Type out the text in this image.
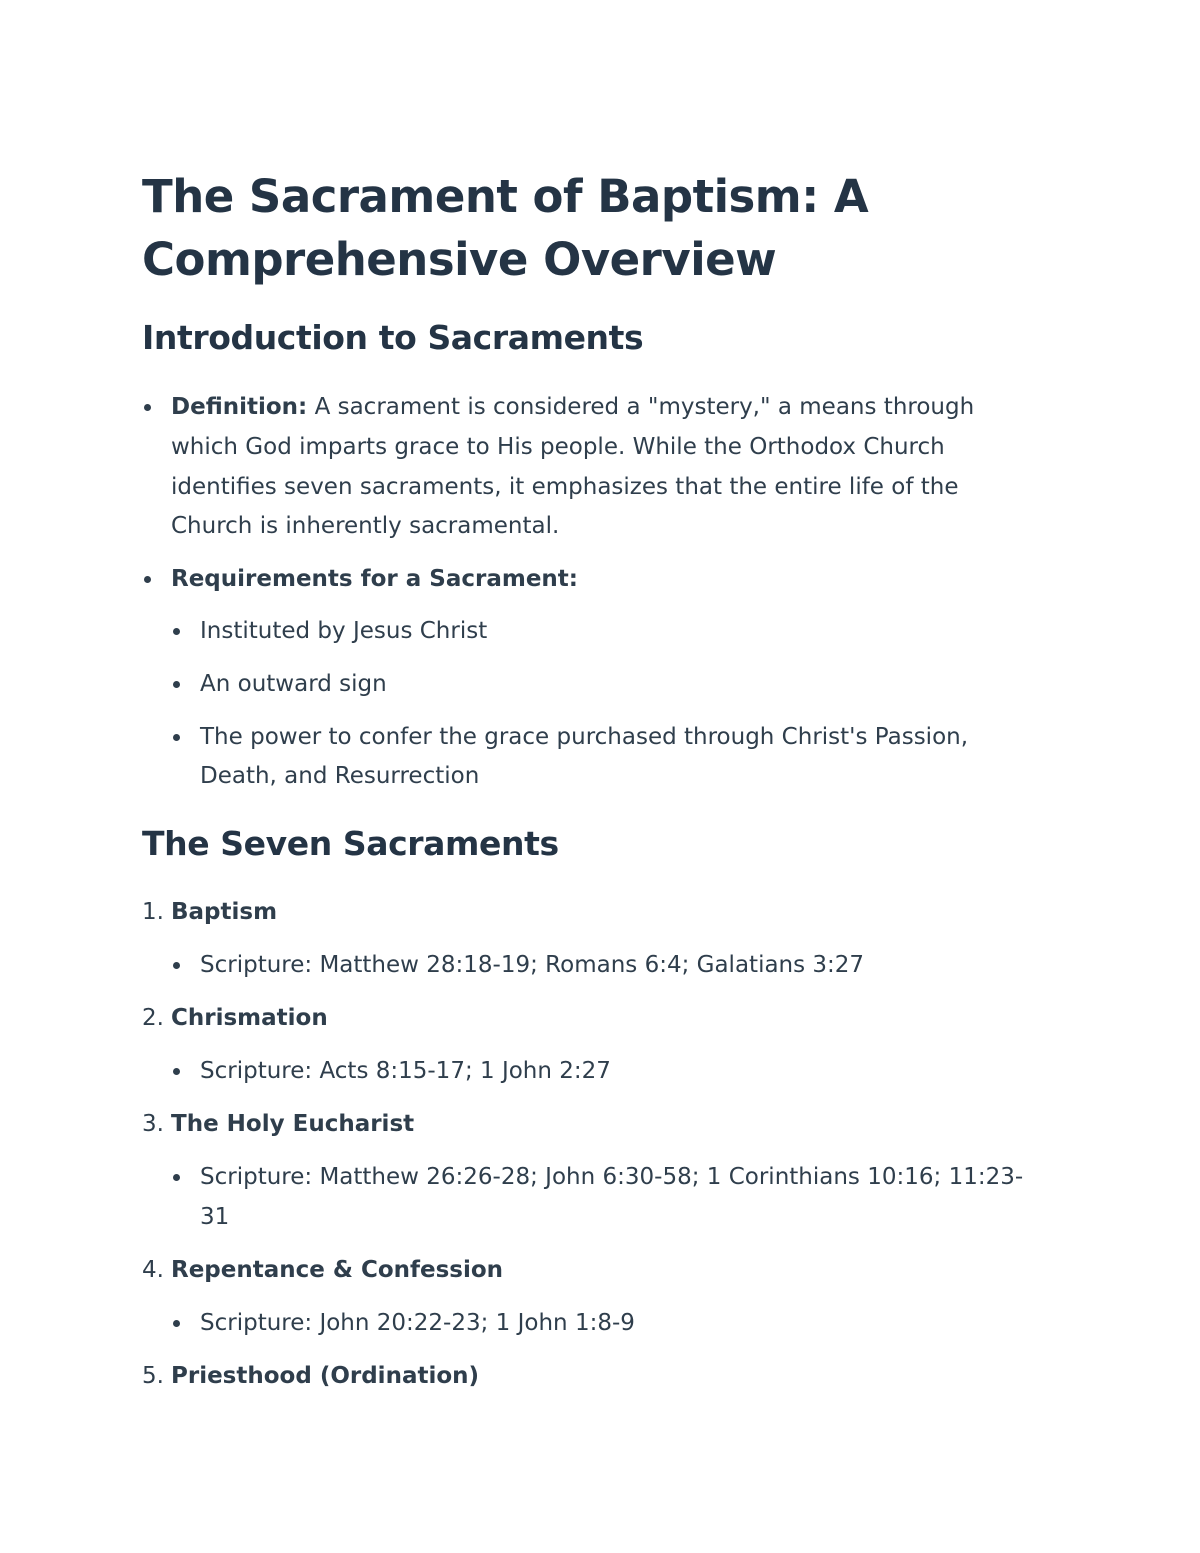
The Sacrament of Baptism: A Comprehensive Overview
Introduction to Sacraments
Definition: A sacrament is considered a "mystery," a means through
which God imparts grace to His people. While the Orthodox Church
identifies seven sacraments, it emphasizes that the entire life of the
Church is inherently sacramental.
Requirements for a Sacrament:
Instituted by Jesus Christ
An outward sign
The power to confer the grace purchased through Christ's Passion,
Death, and Resurrection
The Seven Sacraments
1. Baptism
Scripture: Matthew 28:18-19; Romans 6:4; Galatians 3:27
2. Chrismation
Scripture: Acts 8:15-17; 1 John 2:27
3. The Holy Eucharist
Scripture: Matthew 26:26-28; John 6:30-58; 1 Corinthians 10:16; 11:23-
31
4. Repentance & Confession
Scripture: John 20:22-23; 1 John 1:8-9
5. Priesthood (Ordination)
